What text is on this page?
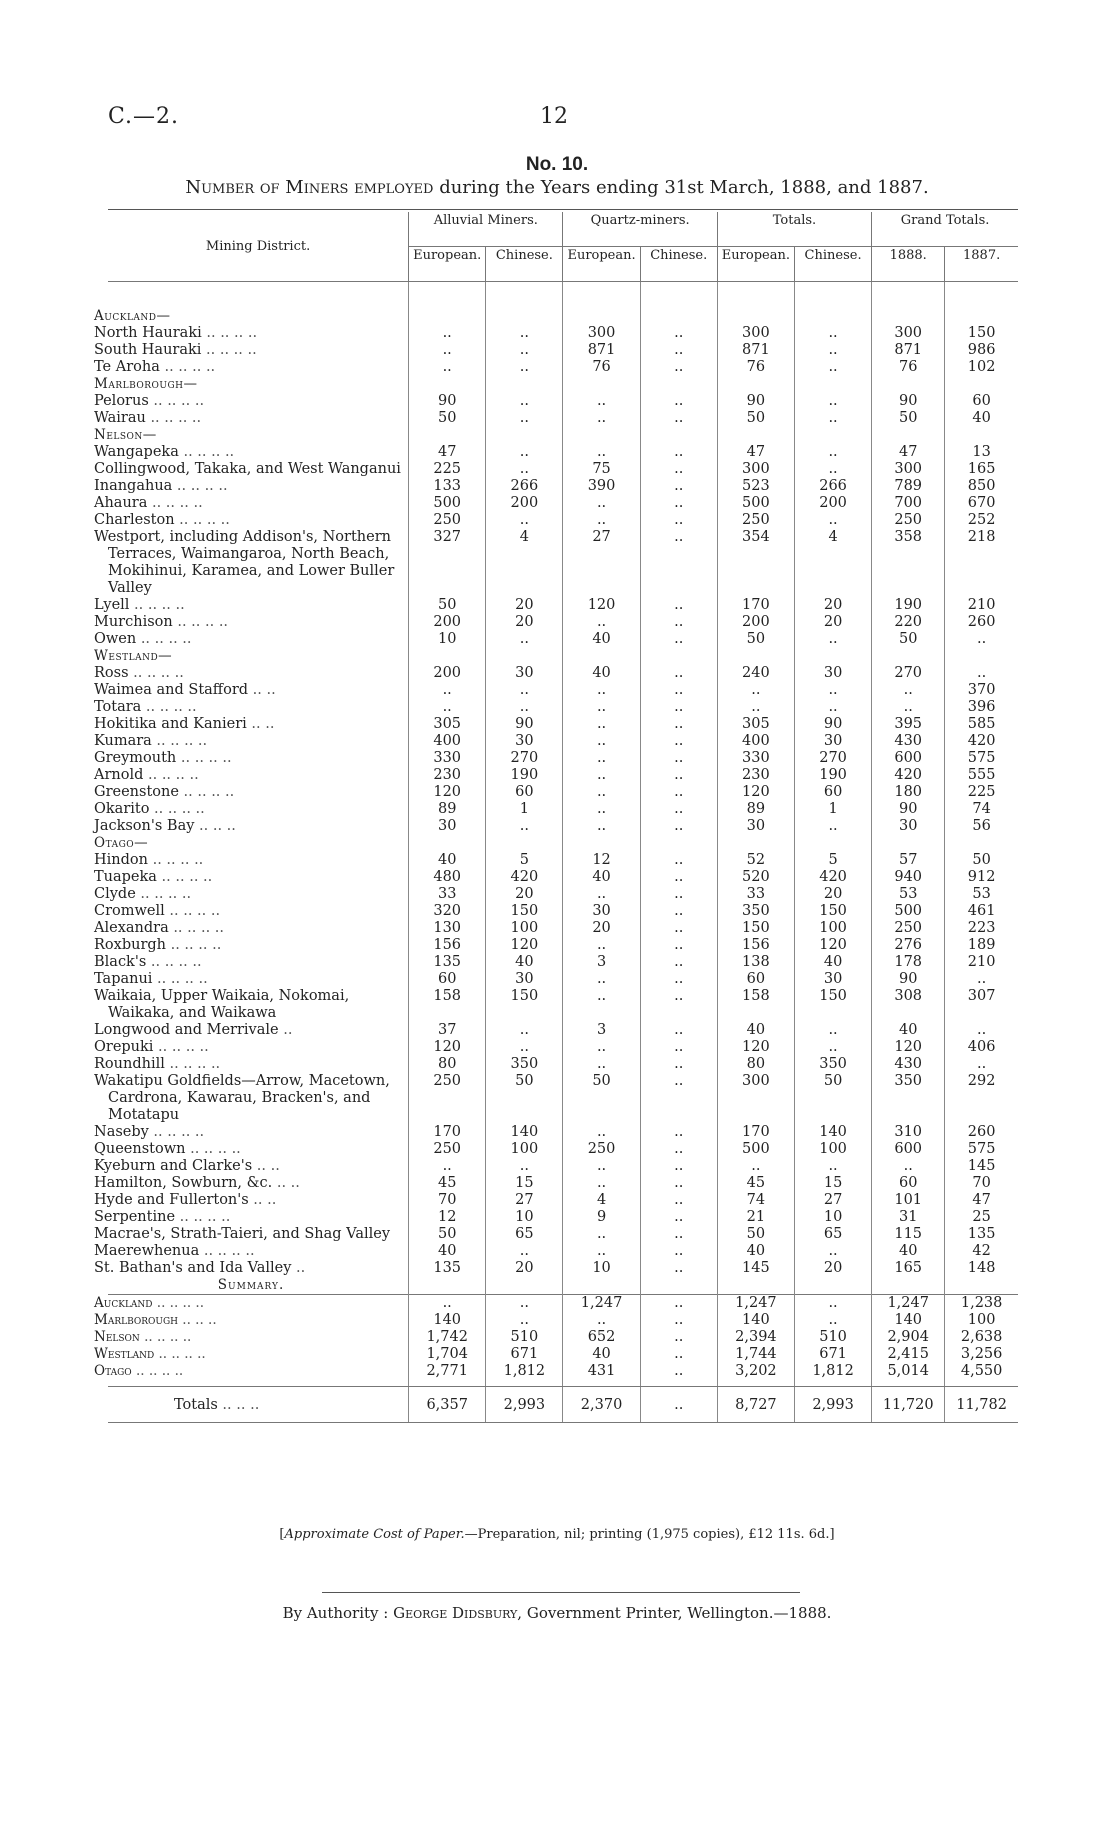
C.—2.	12
No. 10.
Number of Miners employed during the Years ending 31st March, 1888, and 1887.
Mining District.	Alluvial Miners.		Quartz-miners.		Totals.		Grand Totals.	
	European.	Chinese.	European.	Chinese.	European.	Chinese.	1888.	1887.

Auckland—								
North Hauraki .. .. .. ..	..	..	300	..	300	..	300	150
South Hauraki .. .. .. ..	..	..	871	..	871	..	871	986
Te Aroha .. .. .. ..	..	..	76	..	76	..	76	102
Marlborough—								
Pelorus .. .. .. ..	90	..	..	..	90	..	90	60
Wairau .. .. .. ..	50	..	..	..	50	..	50	40
Nelson—								
Wangapeka .. .. .. ..	47	..	..	..	47	..	47	13
Collingwood, Takaka, and West Wanganui	225	..	75	..	300	..	300	165
Inangahua .. .. .. ..	133	266	390	..	523	266	789	850
Ahaura .. .. .. ..	500	200	..	..	500	200	700	670
Charleston .. .. .. ..	250	..	..	..	250	..	250	252
Westport, including Addison's, Northern Terraces, Waimangaroa, North Beach, Mokihinui, Karamea, and Lower Buller Valley	327	4	27	..	354	4	358	218
Lyell .. .. .. ..	50	20	120	..	170	20	190	210
Murchison .. .. .. ..	200	20	..	..	200	20	220	260
Owen .. .. .. ..	10	..	40	..	50	..	50	..
Westland—								
Ross .. .. .. ..	200	30	40	..	240	30	270	..
Waimea and Stafford .. ..	..	..	..	..	..	..	..	370
Totara .. .. .. ..	..	..	..	..	..	..	..	396
Hokitika and Kanieri .. ..	305	90	..	..	305	90	395	585
Kumara .. .. .. ..	400	30	..	..	400	30	430	420
Greymouth .. .. .. ..	330	270	..	..	330	270	600	575
Arnold .. .. .. ..	230	190	..	..	230	190	420	555
Greenstone .. .. .. ..	120	60	..	..	120	60	180	225
Okarito .. .. .. ..	89	1	..	..	89	1	90	74
Jackson's Bay .. .. ..	30	..	..	..	30	..	30	56
Otago—								
Hindon .. .. .. ..	40	5	12	..	52	5	57	50
Tuapeka .. .. .. ..	480	420	40	..	520	420	940	912
Clyde .. .. .. ..	33	20	..	..	33	20	53	53
Cromwell .. .. .. ..	320	150	30	..	350	150	500	461
Alexandra .. .. .. ..	130	100	20	..	150	100	250	223
Roxburgh .. .. .. ..	156	120	..	..	156	120	276	189
Black's .. .. .. ..	135	40	3	..	138	40	178	210
Tapanui .. .. .. ..	60	30	..	..	60	30	90	..
Waikaia, Upper Waikaia, Nokomai, Waikaka, and Waikawa	158	150	..	..	158	150	308	307
Longwood and Merrivale ..	37	..	3	..	40	..	40	..
Orepuki .. .. .. ..	120	..	..	..	120	..	120	406
Roundhill .. .. .. ..	80	350	..	..	80	350	430	..
Wakatipu Goldfields—Arrow, Macetown, Cardrona, Kawarau, Bracken's, and Motatapu	250	50	50	..	300	50	350	292
Naseby .. .. .. ..	170	140	..	..	170	140	310	260
Queenstown .. .. .. ..	250	100	250	..	500	100	600	575
Kyeburn and Clarke's .. ..	..	..	..	..	..	..	..	145
Hamilton, Sowburn, &c. .. ..	45	15	..	..	45	15	60	70
Hyde and Fullerton's .. ..	70	27	4	..	74	27	101	47
Serpentine .. .. .. ..	12	10	9	..	21	10	31	25
Macrae's, Strath-Taieri, and Shag Valley	50	65	..	..	50	65	115	135
Maerewhenua .. .. .. ..	40	..	..	..	40	..	40	42
St. Bathan's and Ida Valley ..	135	20	10	..	145	20	165	148
Summary.								
Auckland .. .. .. ..	..	..	1,247	..	1,247	..	1,247	1,238
Marlborough .. .. ..	140	..	..	..	140	..	140	100
Nelson .. .. .. ..	1,742	510	652	..	2,394	510	2,904	2,638
Westland .. .. .. ..	1,704	671	40	..	1,744	671	2,415	3,256
Otago .. .. .. ..	2,771	1,812	431	..	3,202	1,812	5,014	4,550
Totals .. .. ..	6,357	2,993	2,370	..	8,727	2,993	11,720	11,782
[Approximate Cost of Paper.—Preparation, nil; printing (1,975 copies), £12 11s. 6d.]
By Authority : George Didsbury, Government Printer, Wellington.—1888.
